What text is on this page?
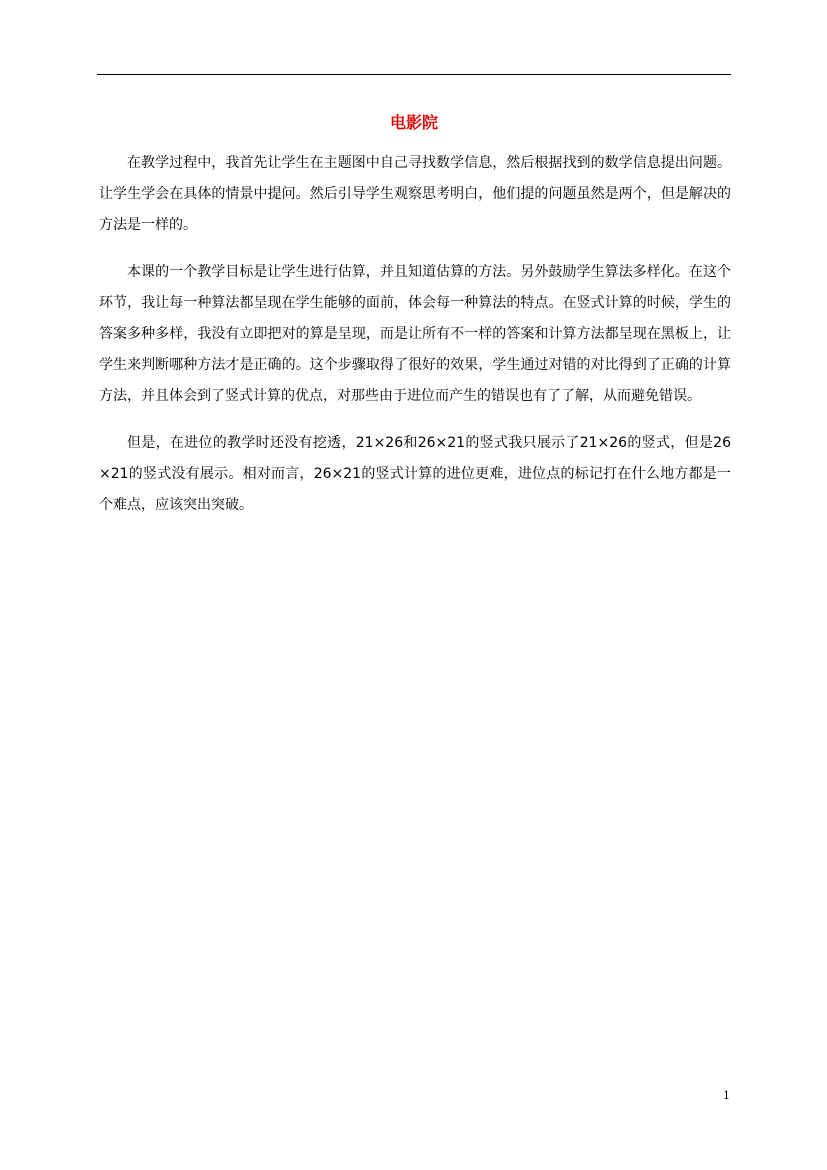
电影院

在教学过程中，我首先让学生在主题图中自己寻找数学信息，然后根据找到的数学信息提出问题。让学生学会在具体的情景中提问。然后引导学生观察思考明白，他们提的问题虽然是两个，但是解决的方法是一样的。

本课的一个教学目标是让学生进行估算，并且知道估算的方法。另外鼓励学生算法多样化。在这个环节，我让每一种算法都呈现在学生能够的面前，体会每一种算法的特点。在竖式计算的时候，学生的答案多种多样，我没有立即把对的算是呈现，而是让所有不一样的答案和计算方法都呈现在黑板上，让学生来判断哪种方法才是正确的。这个步骤取得了很好的效果，学生通过对错的对比得到了正确的计算方法，并且体会到了竖式计算的优点，对那些由于进位而产生的错误也有了了解，从而避免错误。

但是，在进位的教学时还没有挖透，21×26和26×21的竖式我只展示了21×26的竖式，但是26×21的竖式没有展示。相对而言，26×21的竖式计算的进位更难，进位点的标记打在什么地方都是一个难点，应该突出突破。

1
